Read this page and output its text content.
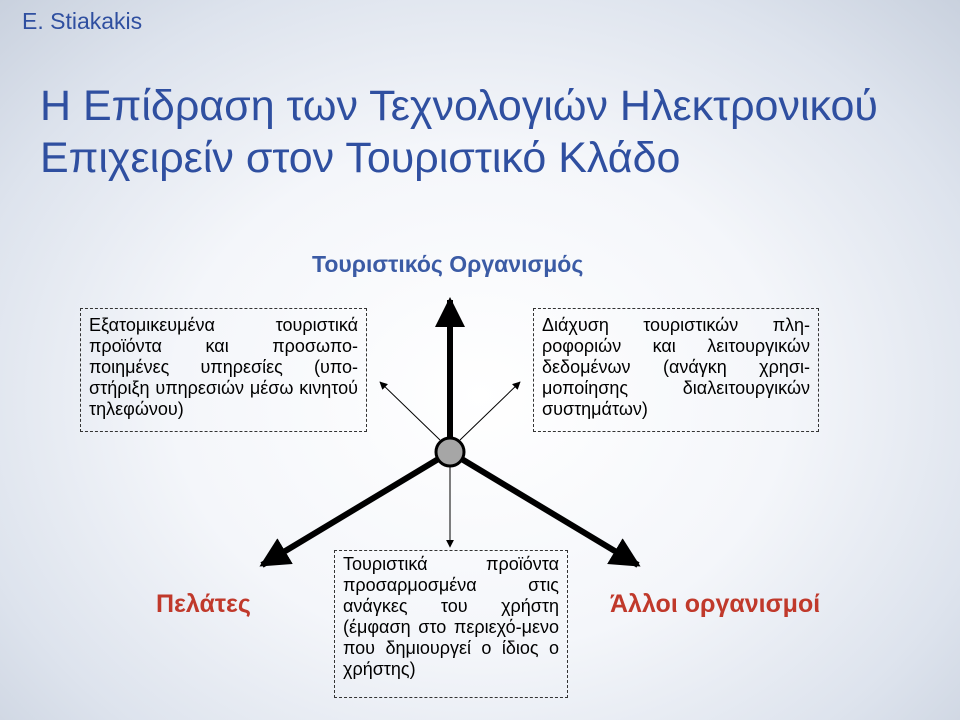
E. Stiakakis
Η Επίδραση των Τεχνολογιών Ηλεκτρονικού
Επιχειρείν στον Τουριστικό Κλάδο
Τουριστικός Οργανισμός
Εξατομικευμένα τουριστικά προϊόντα και προσωπο-ποιημένες υπηρεσίες (υπο-στήριξη υπηρεσιών μέσω κινητού τηλεφώνου)
Διάχυση τουριστικών πλη-ροφοριών και λειτουργικών δεδομένων (ανάγκη χρησι-μοποίησης διαλειτουργικών συστημάτων)
Τουριστικά προϊόντα προσαρμοσμένα στις ανάγκες του χρήστη (έμφαση στο περιεχό-μενο που δημιουργεί ο ίδιος ο χρήστης)
Πελάτες	Άλλοι οργανισμοί
